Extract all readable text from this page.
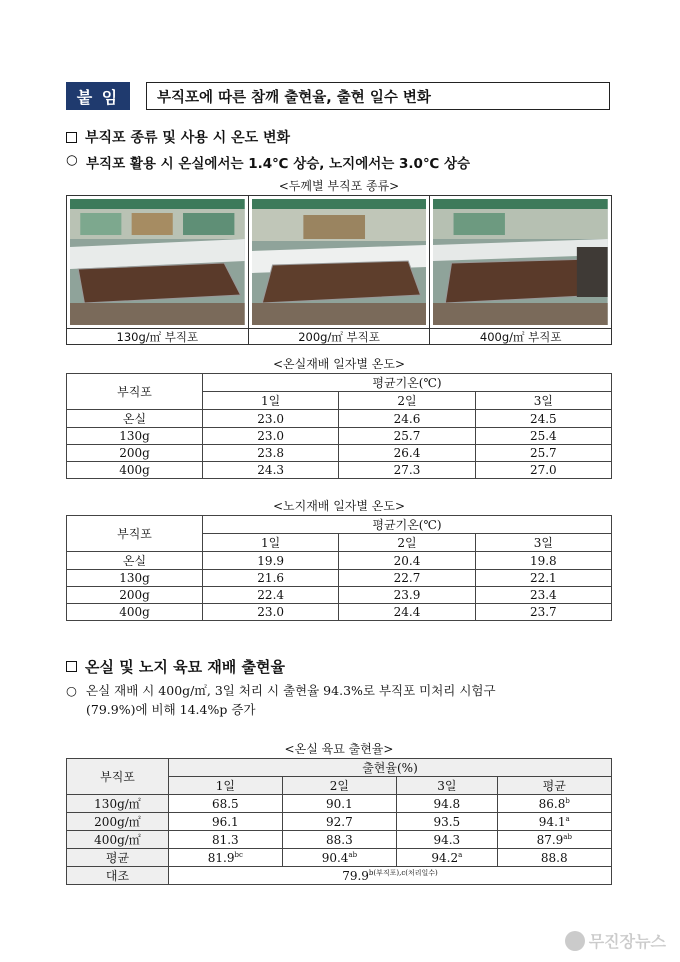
붙 임	부직포에 따른 참깨 출현율, 출현 일수 변화
부직포 종류 및 사용 시 온도 변화
○ 부직포 활용 시 온실에서는 1.4℃ 상승, 노지에서는 3.0℃ 상승
<두께별 부직포 종류>
130g/㎡ 부직포	200g/㎡ 부직포	400g/㎡ 부직포
<온실재배 일자별 온도>
부직포	평균기온(℃)		
	1일	2일	3일
온실	23.0	24.6	24.5
130g	23.0	25.7	25.4
200g	23.8	26.4	25.7
400g	24.3	27.3	27.0
<노지재배 일자별 온도>
부직포	평균기온(℃)		
	1일	2일	3일
온실	19.9	20.4	19.8
130g	21.6	22.7	22.1
200g	22.4	23.9	23.4
400g	23.0	24.4	23.7
온실 및 노지 육묘 재배 출현율
○ 온실 재배 시 400g/㎡, 3일 처리 시 출현율 94.3%로 부직포 미처리 시험구
(79.9%)에 비해 14.4%p 증가
<온실 육묘 출현율>
부직포	출현율(%)			
	1일	2일	3일	평균
130g/㎡	68.5	90.1	94.8	86.8$^b$
200g/㎡	96.1	92.7	93.5	94.1$^a$
400g/㎡	81.3	88.3	94.3	87.9$^{ab}$
평균	81.9$^{bc}$	90.4$^{ab}$	94.2$^a$	88.8
대조	$79.9^{b(부직포),c(처리일수)}$
무진장뉴스
